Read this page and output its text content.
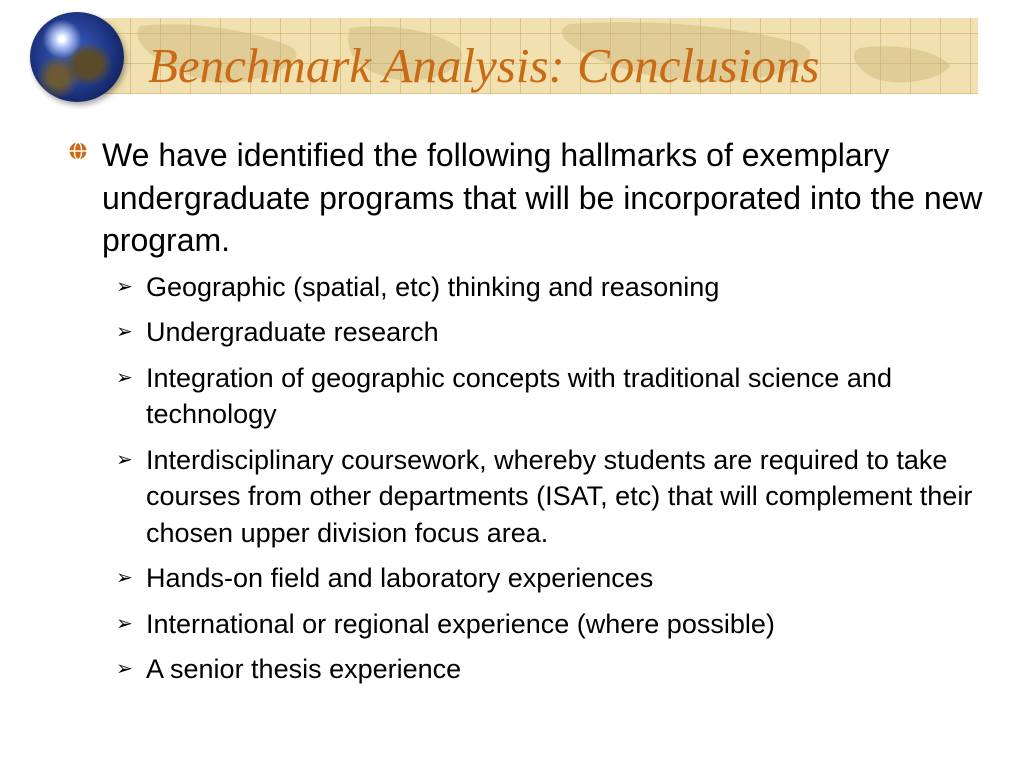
Benchmark Analysis: Conclusions
We have identified the following hallmarks of exemplary undergraduate programs that will be incorporated into the new program.
➢ Geographic (spatial, etc) thinking and reasoning
➢ Undergraduate research
➢ Integration of geographic concepts with traditional science and technology
➢ Interdisciplinary coursework, whereby students are required to take courses from other departments (ISAT, etc) that will complement their chosen upper division focus area.
➢ Hands-on field and laboratory experiences
➢ International or regional experience (where possible)
➢ A senior thesis experience
